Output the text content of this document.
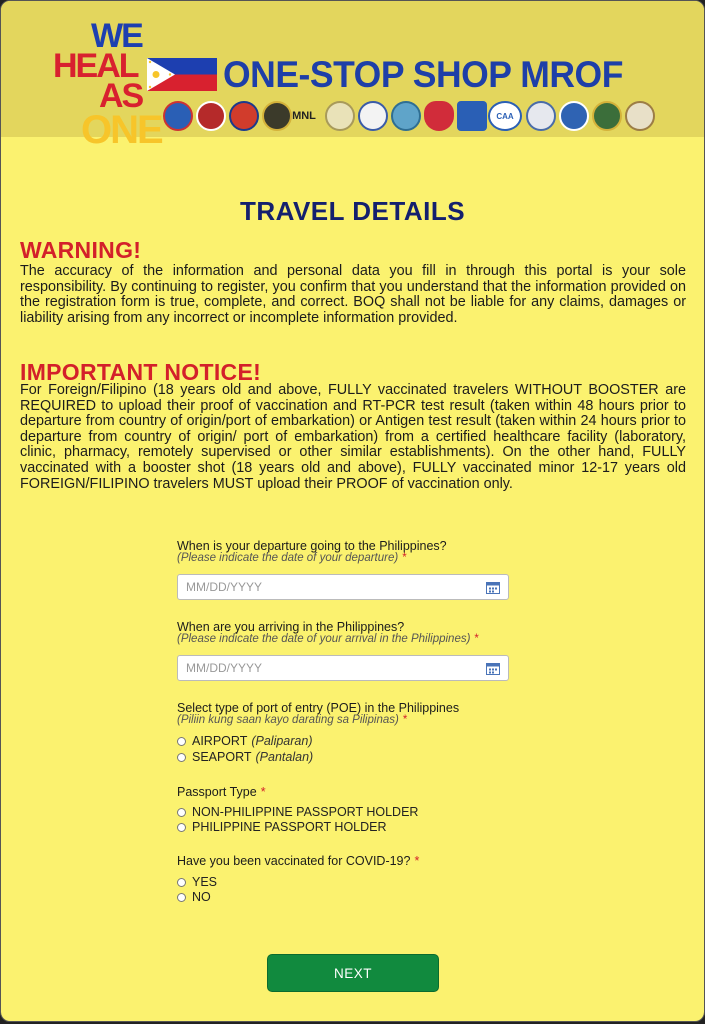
WE
HEAL
AS
ONE
ONE-STOP SHOP MROF
MNL	CAA
TRAVEL DETAILS
WARNING!
The accuracy of the information and personal data you fill in through this portal is your sole responsibility. By continuing to register, you confirm that you understand that the information provided on the registration form is true, complete, and correct. BOQ shall not be liable for any claims, damages or liability arising from any incorrect or incomplete information provided.
IMPORTANT NOTICE!
For Foreign/Filipino (18 years old and above, FULLY vaccinated travelers WITHOUT BOOSTER are REQUIRED to upload their proof of vaccination and RT-PCR test result (taken within 48 hours prior to departure from country of origin/port of embarkation) or Antigen test result (taken within 24 hours prior to departure from country of origin/ port of embarkation) from a certified healthcare facility (laboratory, clinic, pharmacy, remotely supervised or other similar establishments). On the other hand, FULLY vaccinated with a booster shot (18 years old and above), FULLY vaccinated minor 12-17 years old FOREIGN/FILIPINO travelers MUST upload their PROOF of vaccination only.
When is your departure going to the Philippines?
(Please indicate the date of your departure) *
MM/DD/YYYY
When are you arriving in the Philippines?
(Please indicate the date of your arrival in the Philippines) *
MM/DD/YYYY
Select type of port of entry (POE) in the Philippines
(Piliin kung saan kayo darating sa Pilipinas) *
AIRPORT (Paliparan)
SEAPORT (Pantalan)
Passport Type *
NON-PHILIPPINE PASSPORT HOLDER
PHILIPPINE PASSPORT HOLDER
Have you been vaccinated for COVID-19? *
YES
NO
NEXT
